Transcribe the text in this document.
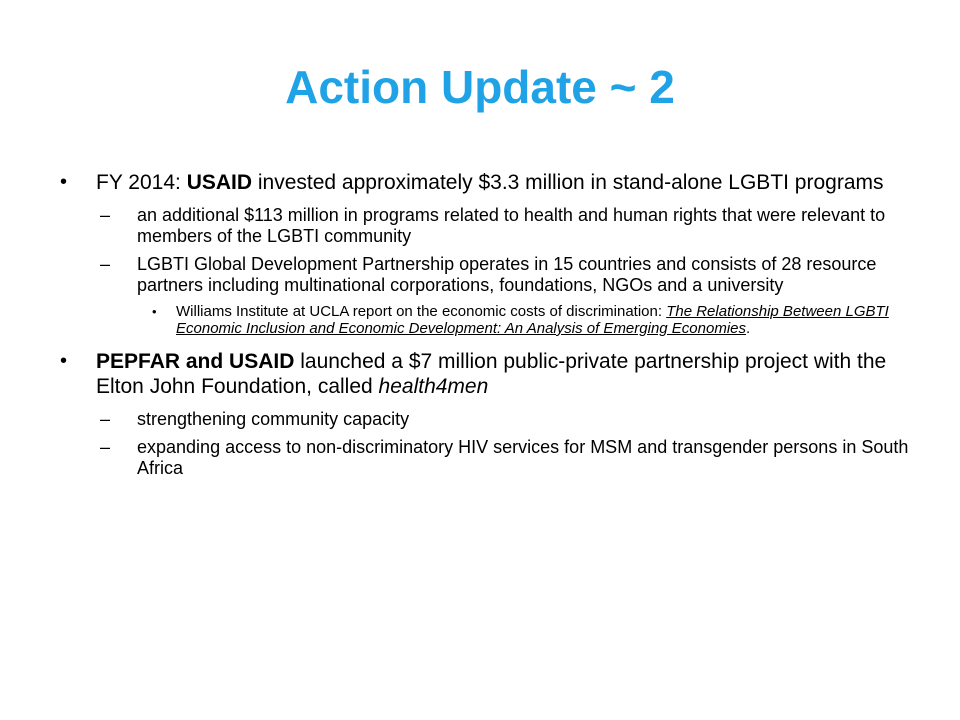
Action Update ~ 2
• FY 2014: USAID invested approximately $3.3 million in stand-alone LGBTI programs
– an additional $113 million in programs related to health and human rights that were relevant to members of the LGBTI community
– LGBTI Global Development Partnership operates in 15 countries and consists of 28 resource partners including multinational corporations, foundations, NGOs and a university
• Williams Institute at UCLA report on the economic costs of discrimination: The Relationship Between LGBTI Economic Inclusion and Economic Development: An Analysis of Emerging Economies.
• PEPFAR and USAID launched a $7 million public-private partnership project with the Elton John Foundation, called health4men
– strengthening community capacity
– expanding access to non-discriminatory HIV services for MSM and transgender persons in South Africa
